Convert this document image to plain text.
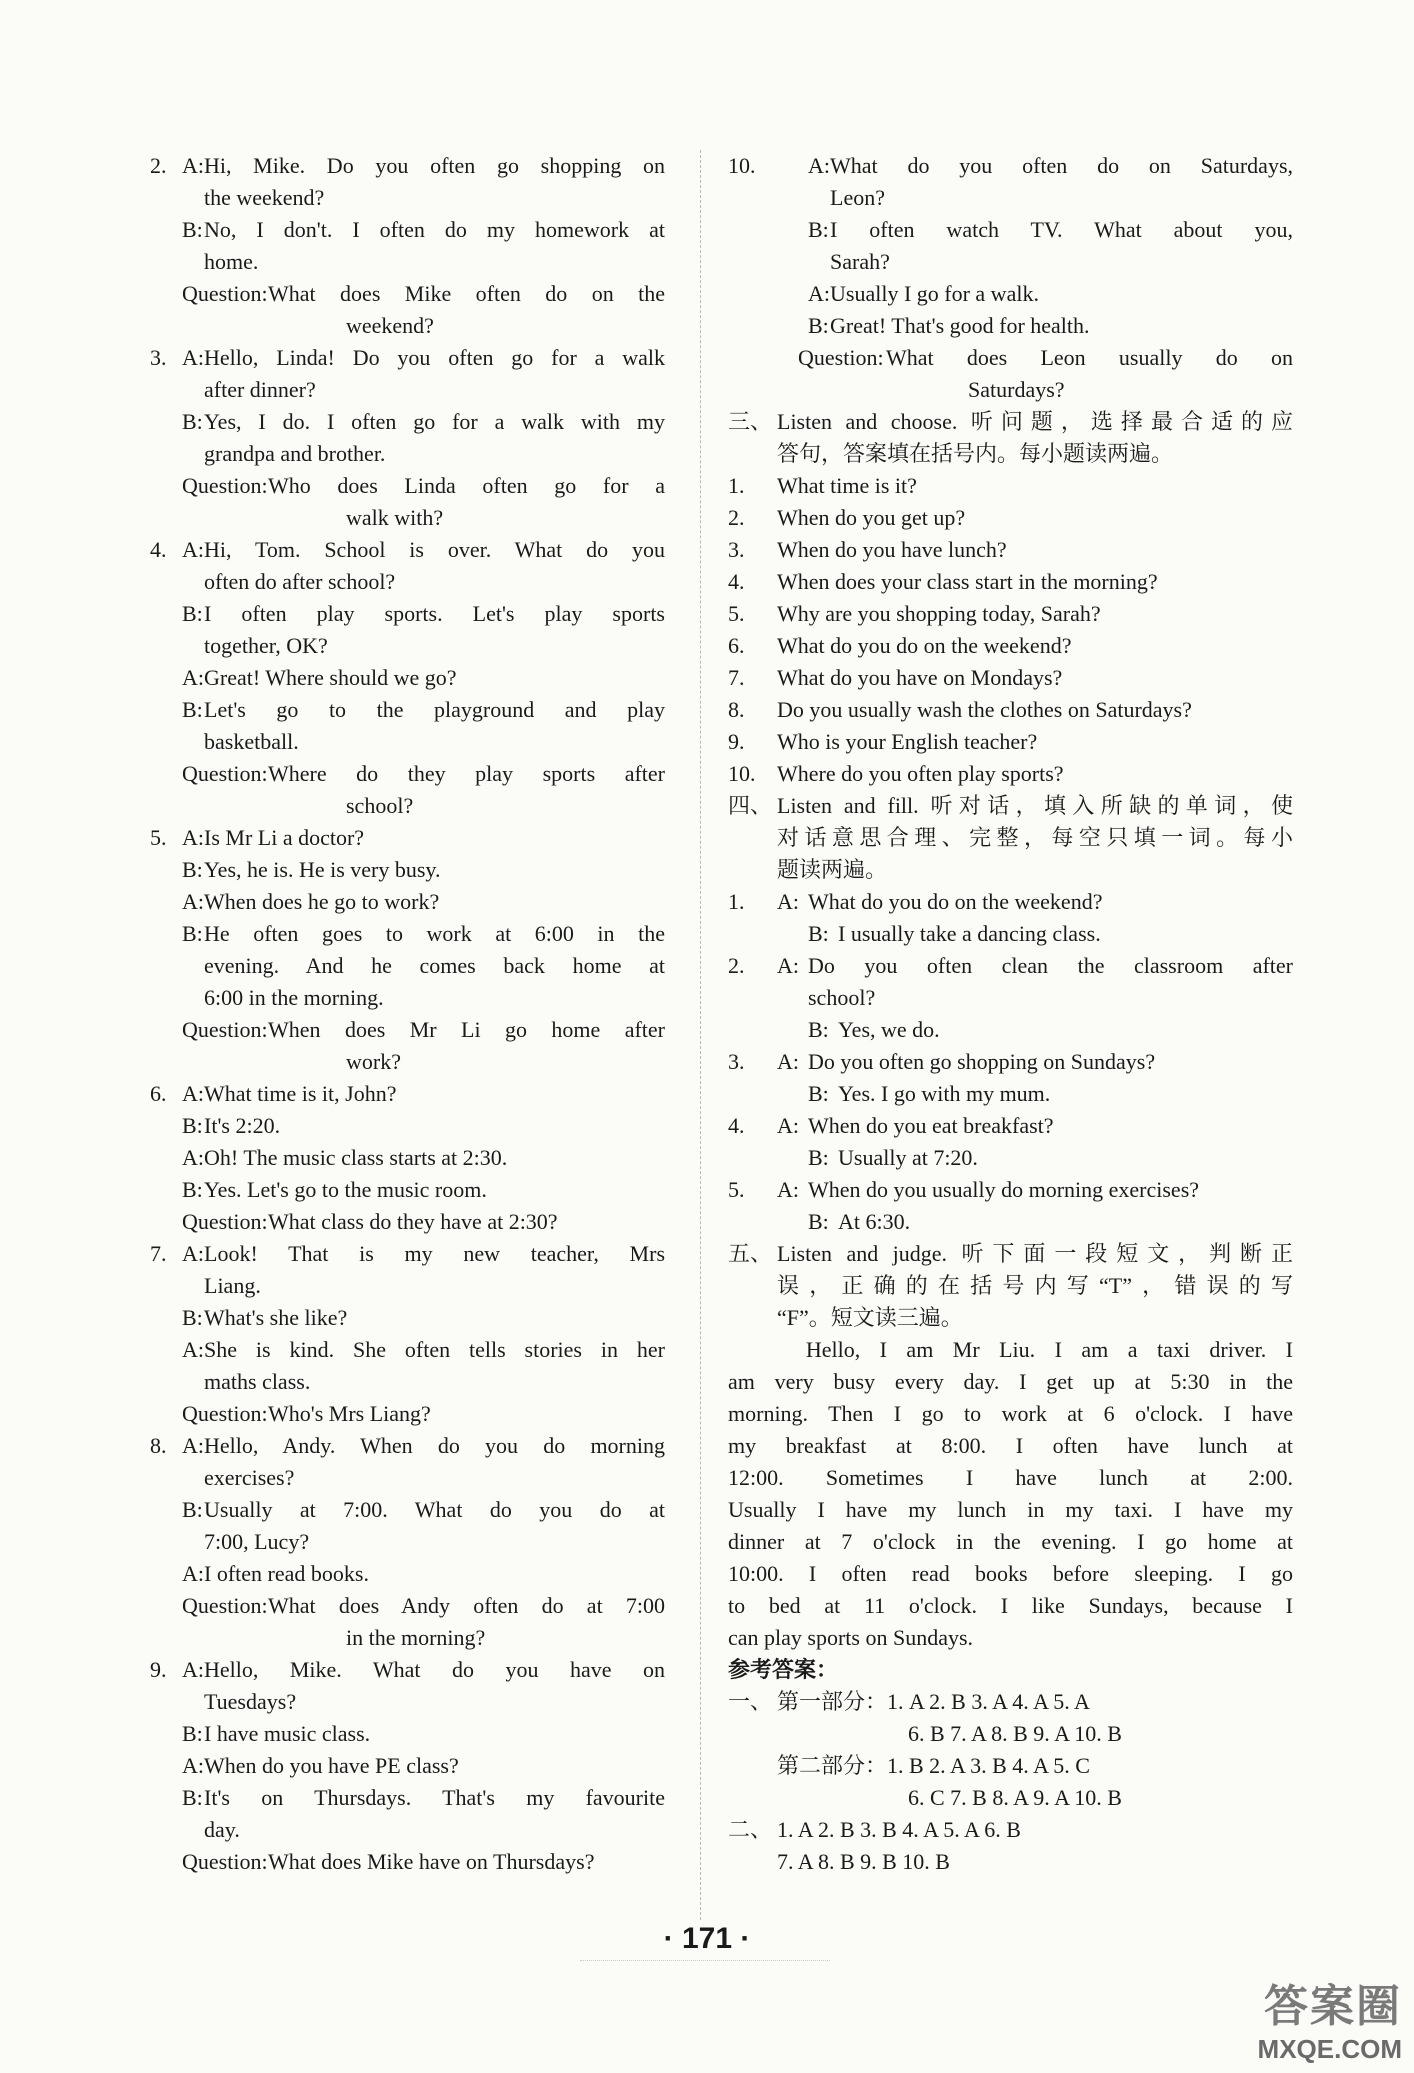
2. A: Hi, Mike. Do you often go shopping on
the weekend?
B: No, I don't. I often do my homework at
home.
Question: What does Mike often do on the
weekend?
3. A: Hello, Linda! Do you often go for a walk
after dinner?
B: Yes, I do. I often go for a walk with my
grandpa and brother.
Question: Who does Linda often go for a
walk with?
4. A: Hi, Tom. School is over. What do you
often do after school?
B: I often play sports. Let's play sports
together, OK?
A: Great! Where should we go?
B: Let's go to the playground and play
basketball.
Question: Where do they play sports after
school?
5. A: Is Mr Li a doctor?
B: Yes, he is. He is very busy.
A: When does he go to work?
B: He often goes to work at 6:00 in the
evening. And he comes back home at
6:00 in the morning.
Question: When does Mr Li go home after
work?
6. A: What time is it, John?
B: It's 2:20.
A: Oh! The music class starts at 2:30.
B: Yes. Let's go to the music room.
Question: What class do they have at 2:30?
7. A: Look! That is my new teacher, Mrs
Liang.
B: What's she like?
A: She is kind. She often tells stories in her
maths class.
Question: Who's Mrs Liang?
8. A: Hello, Andy. When do you do morning
exercises?
B: Usually at 7:00. What do you do at
7:00, Lucy?
A: I often read books.
Question: What does Andy often do at 7:00
in the morning?
9. A: Hello, Mike. What do you have on
Tuesdays?
B: I have music class.
A: When do you have PE class?
B: It's on Thursdays. That's my favourite
day.
Question: What does Mike have on Thursdays?
10. A: What do you often do on Saturdays,
Leon?
B: I often watch TV. What about you,
Sarah?
A: Usually I go for a walk.
B: Great! That's good for health.
Question: What does Leon usually do on
Saturdays?
三、 Listen and choose. 听问题，选择最合适的应
答句，答案填在括号内。每小题读两遍。
1. What time is it?
2. When do you get up?
3. When do you have lunch?
4. When does your class start in the morning?
5. Why are you shopping today, Sarah?
6. What do you do on the weekend?
7. What do you have on Mondays?
8. Do you usually wash the clothes on Saturdays?
9. Who is your English teacher?
10. Where do you often play sports?
四、 Listen and fill. 听对话，填入所缺的单词，使
对话意思合理、完整，每空只填一词。每小
题读两遍。
1. A: What do you do on the weekend?
B: I usually take a dancing class.
2. A: Do you often clean the classroom after
school?
B: Yes, we do.
3. A: Do you often go shopping on Sundays?
B: Yes. I go with my mum.
4. A: When do you eat breakfast?
B: Usually at 7:20.
5. A: When do you usually do morning exercises?
B: At 6:30.
五、 Listen and judge. 听下面一段短文，判断正
误，正确的在括号内写“T”，错误的写
“F”。短文读三遍。
Hello, I am Mr Liu. I am a taxi driver. I
am very busy every day. I get up at 5:30 in the
morning. Then I go to work at 6 o'clock. I have
my breakfast at 8:00. I often have lunch at
12:00. Sometimes I have lunch at 2:00.
Usually I have my lunch in my taxi. I have my
dinner at 7 o'clock in the evening. I go home at
10:00. I often read books before sleeping. I go
to bed at 11 o'clock. I like Sundays, because I
can play sports on Sundays.
参考答案：
一、 第一部分：1. A 2. B 3. A 4. A 5. A
6. B 7. A 8. B 9. A 10. B
第二部分：1. B 2. A 3. B 4. A 5. C
6. C 7. B 8. A 9. A 10. B
二、 1. A 2. B 3. B 4. A 5. A 6. B
7. A 8. B 9. B 10. B
· 171 ·
答案圈
MXQE.COM
